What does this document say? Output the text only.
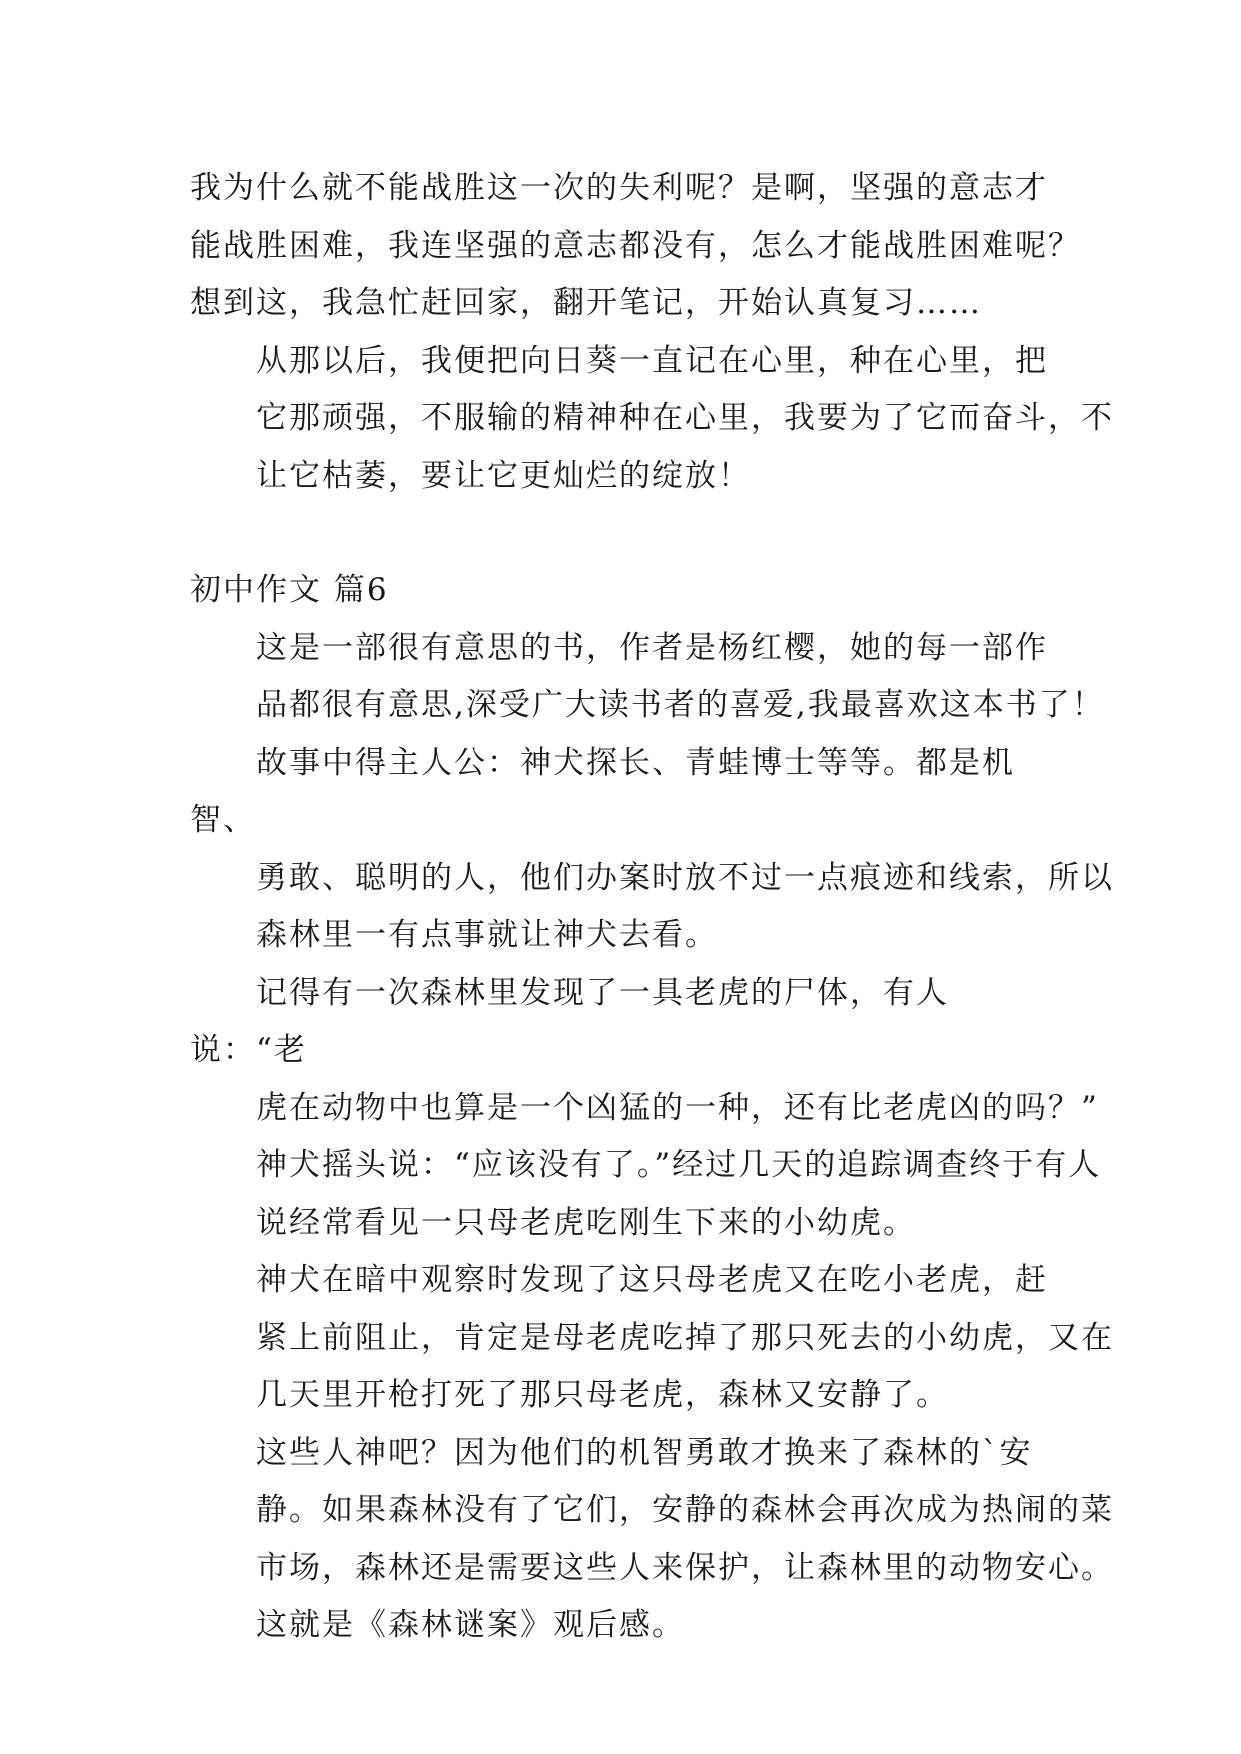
我为什么就不能战胜这一次的失利呢？是啊，坚强的意志才
能战胜困难，我连坚强的意志都没有，怎么才能战胜困难呢？
想到这，我急忙赶回家，翻开笔记，开始认真复习……

从那以后，我便把向日葵一直记在心里，种在心里，把
它那顽强，不服输的精神种在心里，我要为了它而奋斗，不
让它枯萎，要让它更灿烂的绽放！

初中作文 篇6

这是一部很有意思的书，作者是杨红樱，她的每一部作
品都很有意思,深受广大读书者的喜爱,我最喜欢这本书了！

故事中得主人公：神犬探长、青蛙博士等等。都是机智、
勇敢、聪明的人，他们办案时放不过一点痕迹和线索，所以
森林里一有点事就让神犬去看。

记得有一次森林里发现了一具老虎的尸体，有人说：“老
虎在动物中也算是一个凶猛的一种，还有比老虎凶的吗？”
神犬摇头说：“应该没有了。”经过几天的追踪调查终于有人
说经常看见一只母老虎吃刚生下来的小幼虎。

神犬在暗中观察时发现了这只母老虎又在吃小老虎，赶
紧上前阻止，肯定是母老虎吃掉了那只死去的小幼虎，又在
几天里开枪打死了那只母老虎，森林又安静了。

这些人神吧？因为他们的机智勇敢才换来了森林的`安
静。如果森林没有了它们，安静的森林会再次成为热闹的菜
市场，森林还是需要这些人来保护，让森林里的动物安心。

这就是《森林谜案》观后感。
